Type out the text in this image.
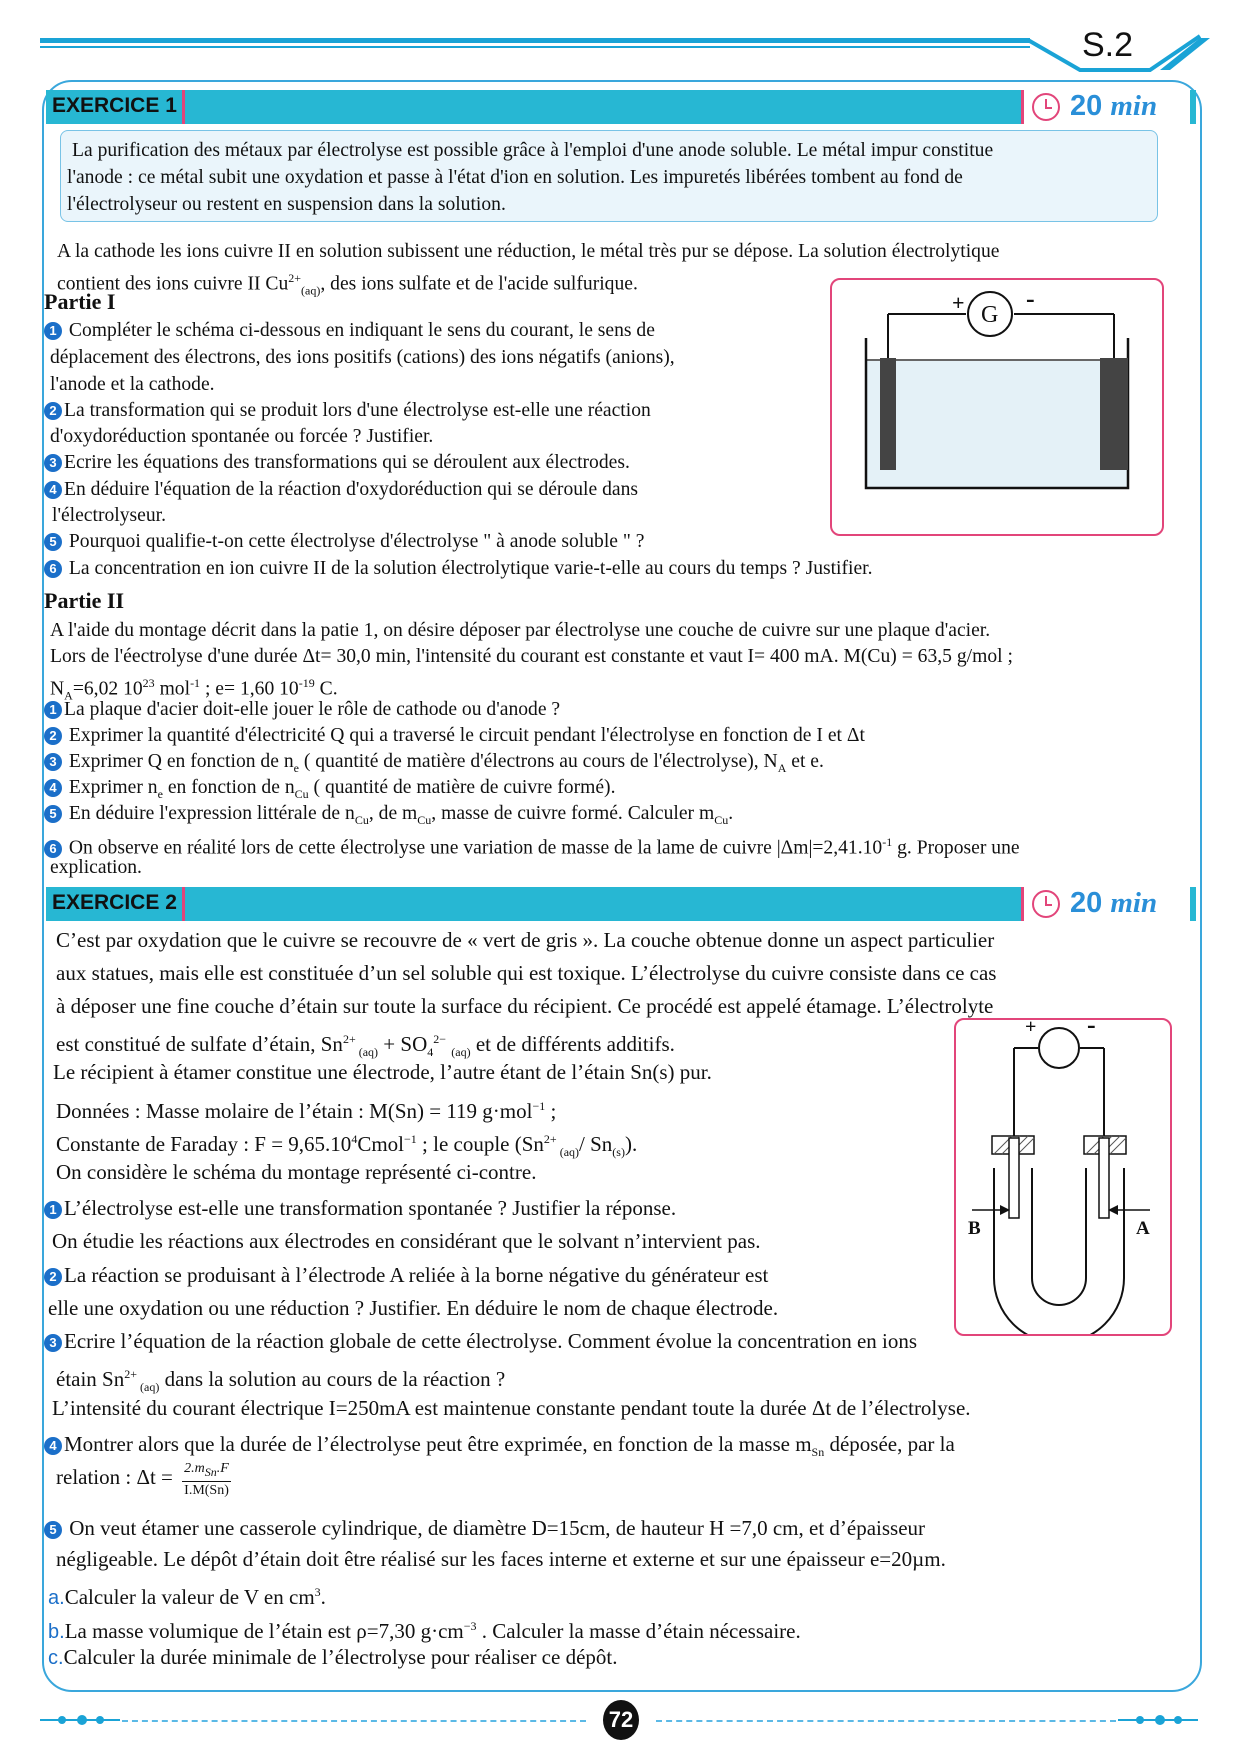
S.2
EXERCICE 1	20 min
La purification des métaux par électrolyse est possible grâce à l'emploi d'une anode soluble. Le métal impur constitue
l'anode : ce métal subit une oxydation et passe à l'état d'ion en solution. Les impuretés libérées tombent au fond de
l'électrolyseur ou restent en suspension dans la solution.
A la cathode les ions cuivre II en solution subissent une réduction, le métal très pur se dépose. La solution électrolytique
contient des ions cuivre II $Cu^{2+}_{(aq)}$, des ions sulfate et de l'acide sulfurique.
Partie I
1 Compléter le schéma ci-dessous en indiquant le sens du courant, le sens de
déplacement des électrons, des ions positifs (cations) des ions négatifs (anions),
l'anode et la cathode.
2 La transformation qui se produit lors d'une électrolyse est-elle une réaction
d'oxydoréduction spontanée ou forcée ? Justifier.
3 Ecrire les équations des transformations qui se déroulent aux électrodes.
4 En déduire l'équation de la réaction d'oxydoréduction qui se déroule dans
l'électrolyseur.
5 Pourquoi qualifie-t-on cette électrolyse d'électrolyse " à anode soluble " ?
6 La concentration en ion cuivre II de la solution électrolytique varie-t-elle au cours du temps ? Justifier.
G
+ -
Partie II
A l'aide du montage décrit dans la patie 1, on désire déposer par électrolyse une couche de cuivre sur une plaque d'acier.
Lors de l'éectrolyse d'une durée Δt= 30,0 min, l'intensité du courant est constante et vaut I= 400 mA. M(Cu) = 63,5 g/mol ;
$N_A=6,02$ $10^{23}$ mol$^{-1}$ ; e= 1,60 $10^{-19}$ C.
1 La plaque d'acier doit-elle jouer le rôle de cathode ou d'anode ?
2 Exprimer la quantité d'électricité Q qui a traversé le circuit pendant l'électrolyse en fonction de I et Δt
3 Exprimer Q en fonction de $n_e$ ( quantité de matière d'électrons au cours de l'électrolyse), $N_A$ et e.
4 Exprimer $n_e$ en fonction de $n_{Cu}$ ( quantité de matière de cuivre formé).
5 En déduire l'expression littérale de $n_{Cu}$, de $m_{Cu}$, masse de cuivre formé. Calculer $m_{Cu}$.
6 On observe en réalité lors de cette électrolyse une variation de masse de la lame de cuivre $|\Delta m|=2,41.10^{-1}$ g. Proposer une
explication.
EXERCICE 2	20 min
C’est par oxydation que le cuivre se recouvre de « vert de gris ». La couche obtenue donne un aspect particulier
aux statues, mais elle est constituée d’un sel soluble qui est toxique. L’électrolyse du cuivre consiste dans ce cas
à déposer une fine couche d’étain sur toute la surface du récipient. Ce procédé est appelé étamage. L’électrolyte
est constitué de sulfate d’étain, $Sn^{2+}$ $_{(aq)} + SO_4^{2-}$ $_{(aq)}$ et de différents additifs.
Le récipient à étamer constitue une électrode, l’autre étant de l’étain Sn(s) pur.
Données : Masse molaire de l’étain : M(Sn) = 119 g·mol$^{-1}$ ;
Constante de Faraday : $F = 9,65.10^4Cmol^{-1}$ ; le couple ($Sn^{2+}$ $_{(aq)}$/ $Sn_{(s)}$).
On considère le schéma du montage représenté ci-contre.
1 L’électrolyse est-elle une transformation spontanée ? Justifier la réponse.
On étudie les réactions aux électrodes en considérant que le solvant n’intervient pas.
2 La réaction se produisant à l’électrode A reliée à la borne négative du générateur est
elle une oxydation ou une réduction ? Justifier. En déduire le nom de chaque électrode.
3 Ecrire l’équation de la réaction globale de cette électrolyse. Comment évolue la concentration en ions
étain $Sn^{2+}$ $_{(aq)}$ dans la solution au cours de la réaction ?
L’intensité du courant électrique I=250mA est maintenue constante pendant toute la durée Δt de l’électrolyse.
4 Montrer alors que la durée de l’électrolyse peut être exprimée, en fonction de la masse $m_{Sn}$ déposée, par la
relation : $\Delta t = \frac{2.m_{Sn}.F}{I.M(Sn)}$
5 On veut étamer une casserole cylindrique, de diamètre D=15cm, de hauteur H =7,0 cm, et d’épaisseur
négligeable. Le dépôt d’étain doit être réalisé sur les faces interne et externe et sur une épaisseur e=20µm.
a.Calculer la valeur de V en $cm^3$.
b.La masse volumique de l’étain est ρ=7,30 $g\cdot cm^{-3}$ . Calculer la masse d’étain nécessaire.
c.Calculer la durée minimale de l’électrolyse pour réaliser ce dépôt.
+ -
B	A
72
